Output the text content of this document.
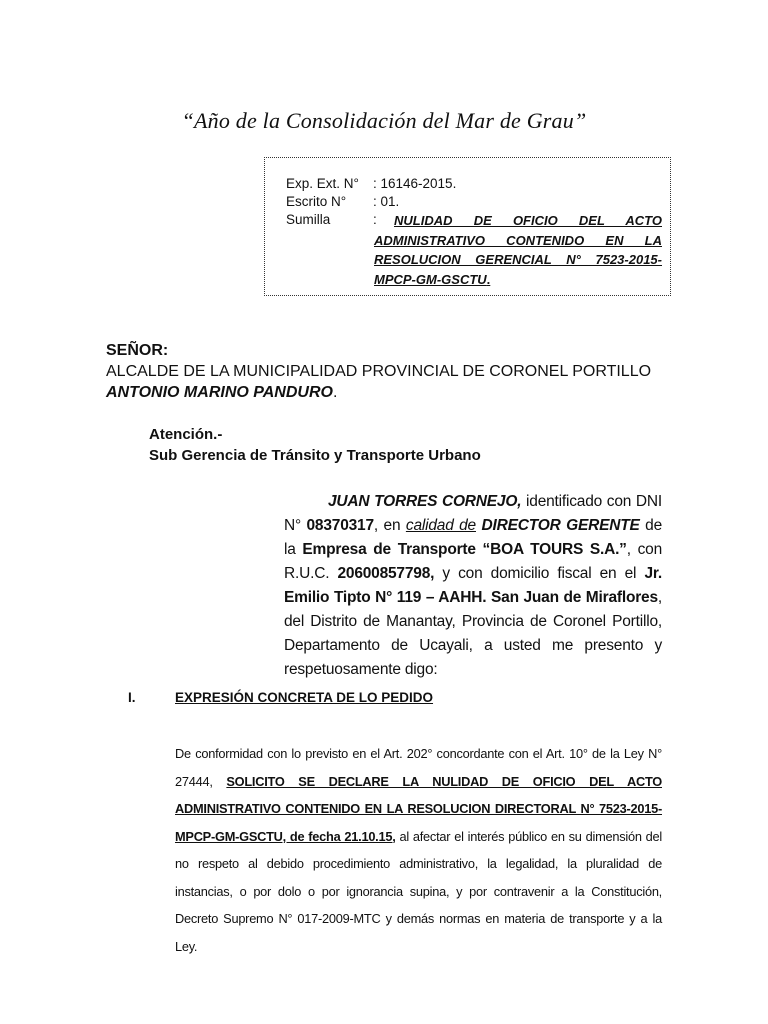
“Año de la Consolidación del Mar de Grau”
Exp. Ext. N°	: 16146-2015.
Escrito N°	: 01.
Sumilla	:	NULIDAD DE OFICIO DEL ACTO ADMINISTRATIVO CONTENIDO EN LA RESOLUCION GERENCIAL N° 7523-2015-MPCP-GM-GSCTU.
SEÑOR:
ALCALDE DE LA MUNICIPALIDAD PROVINCIAL DE CORONEL PORTILLO
ANTONIO MARINO PANDURO.
Atención.-
Sub Gerencia de Tránsito y Transporte Urbano
JUAN TORRES CORNEJO, identificado con DNI N° 08370317, en calidad de DIRECTOR GERENTE de la Empresa de Transporte “BOA TOURS S.A.”, con R.U.C. 20600857798, y con domicilio fiscal en el Jr. Emilio Tipto N° 119 – AAHH. San Juan de Miraflores, del Distrito de Manantay, Provincia de Coronel Portillo, Departamento de Ucayali, a usted me presento y respetuosamente digo:
I.	EXPRESIÓN CONCRETA DE LO PEDIDO
De conformidad con lo previsto en el Art. 202° concordante con el Art. 10° de la Ley N° 27444, SOLICITO SE DECLARE LA NULIDAD DE OFICIO DEL ACTO ADMINISTRATIVO CONTENIDO EN LA RESOLUCION DIRECTORAL N° 7523-2015-MPCP-GM-GSCTU, de fecha 21.10.15, al afectar el interés público en su dimensión del no respeto al debido procedimiento administrativo, la legalidad, la pluralidad de instancias, o por dolo o por ignorancia supina, y por contravenir a la Constitución, Decreto Supremo N° 017-2009-MTC y demás normas en materia de transporte y a la Ley.
